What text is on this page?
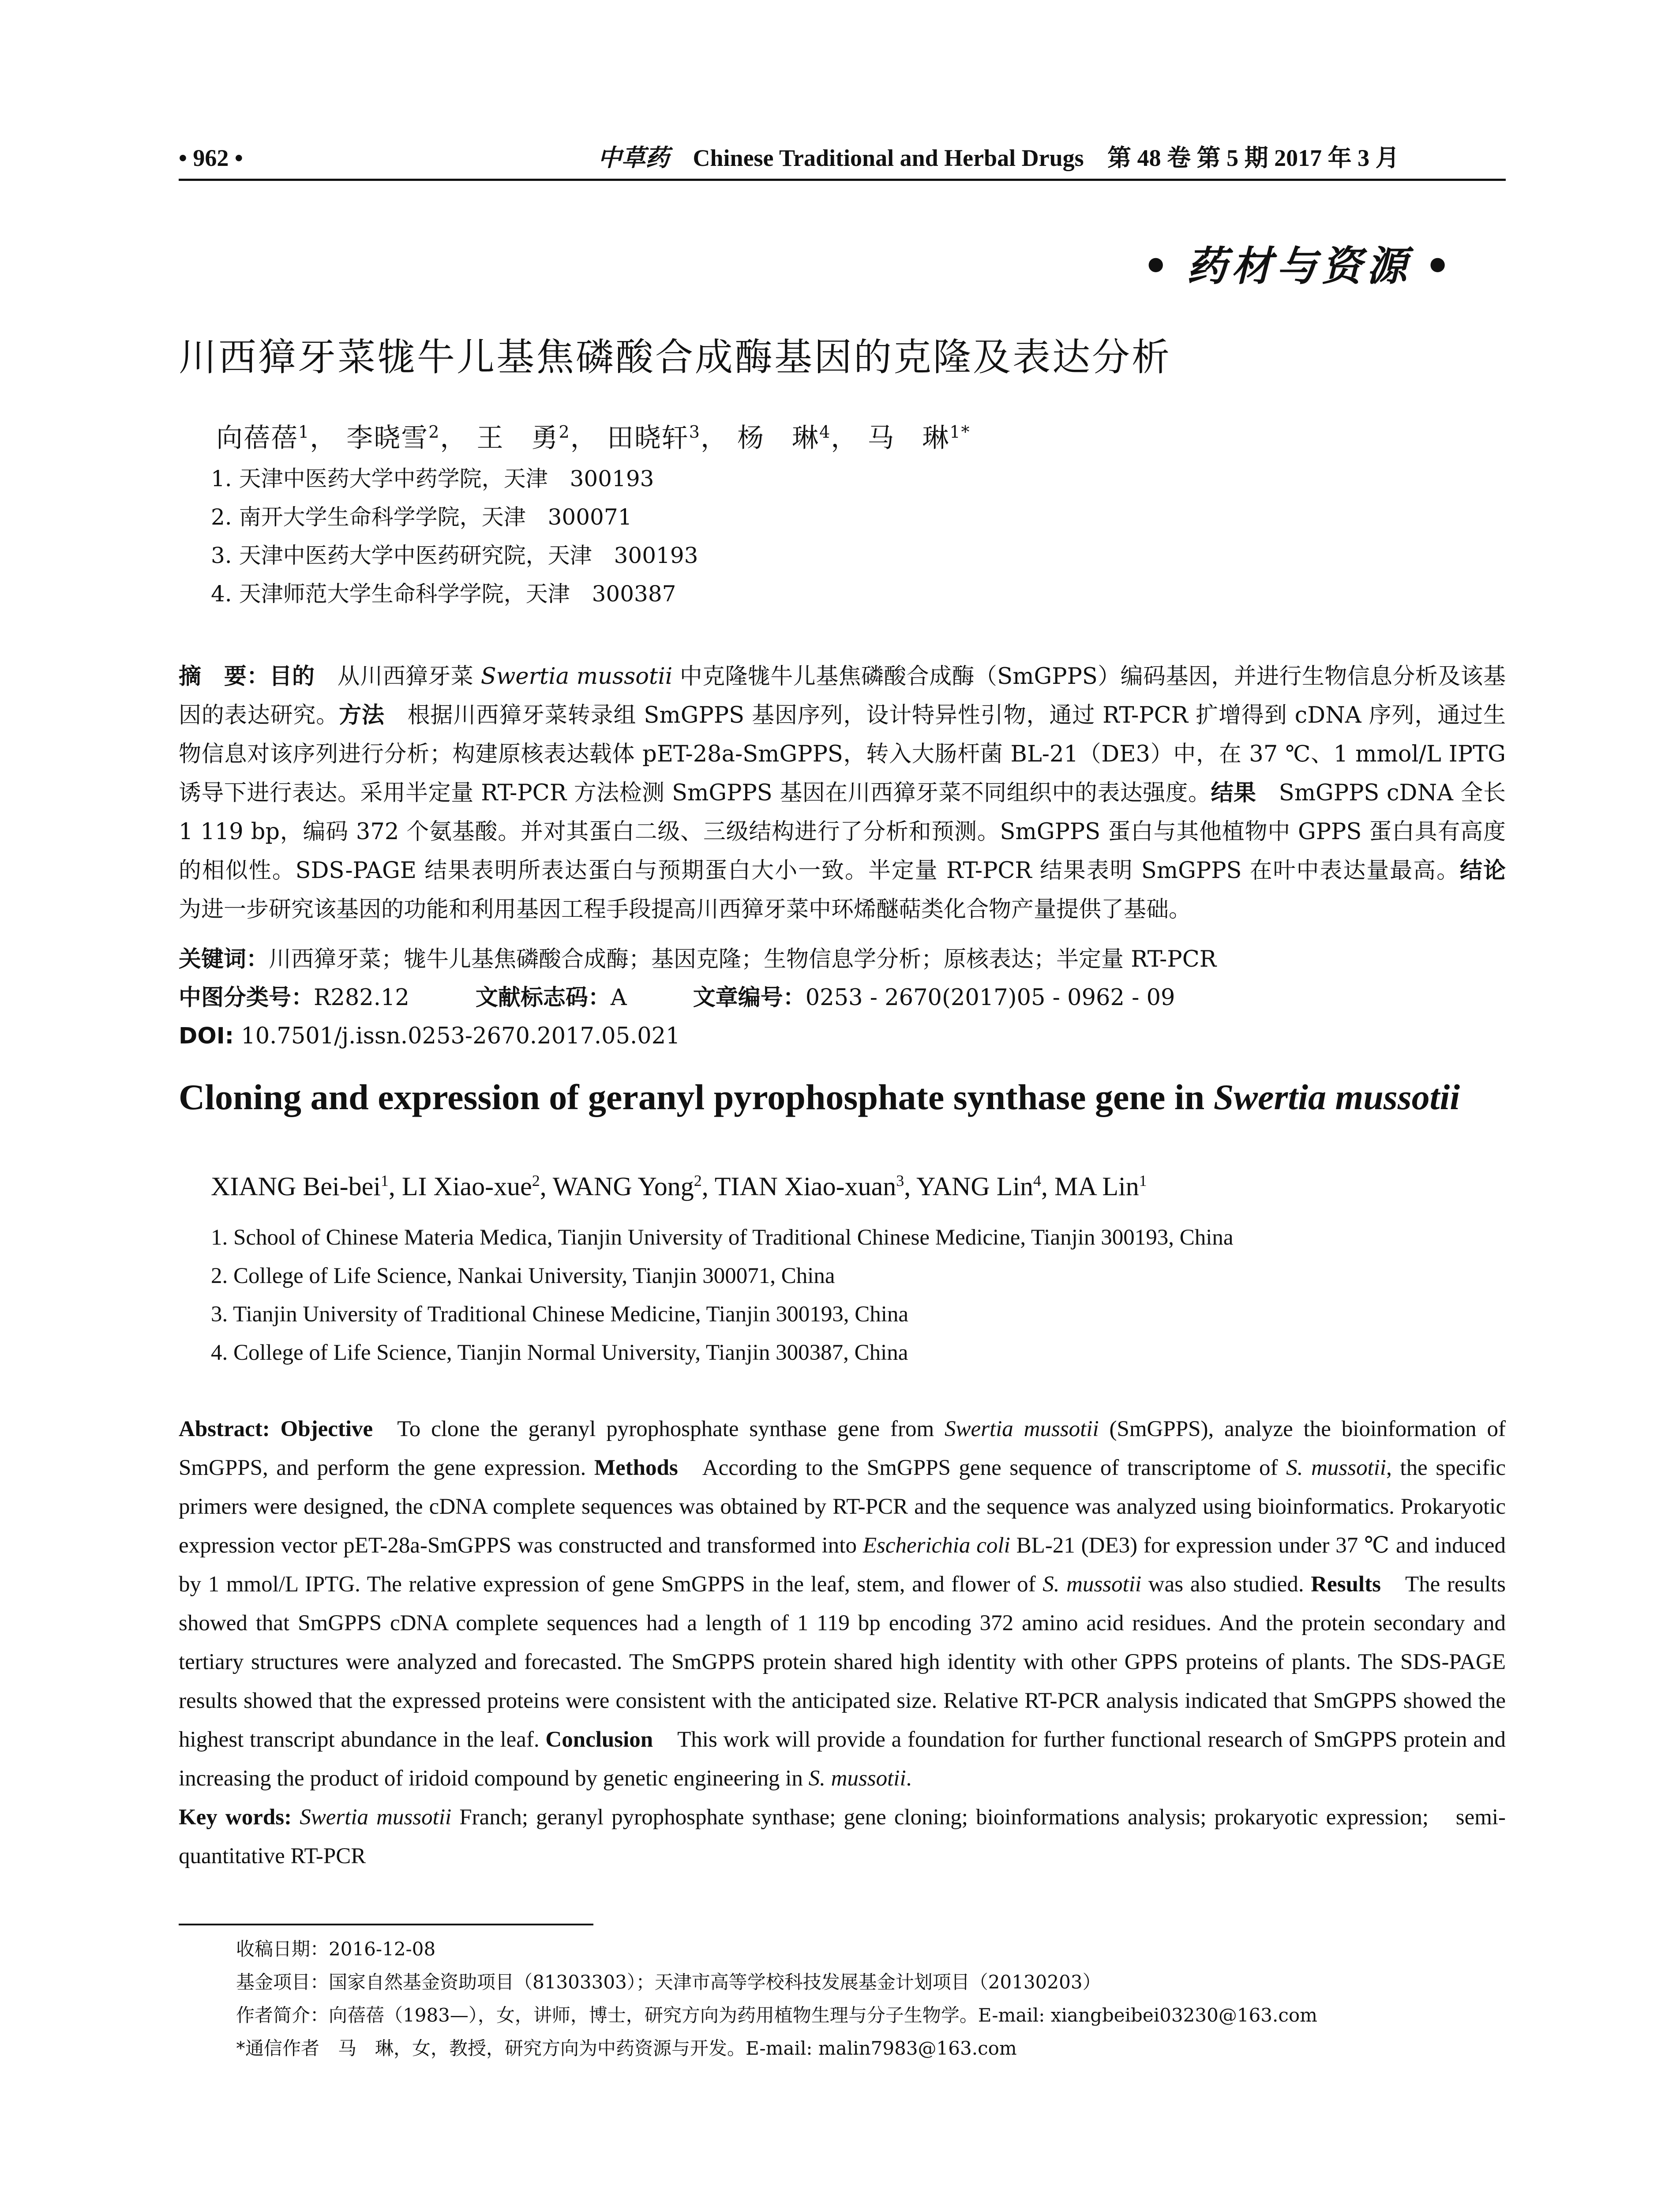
• 962 •	中草药 Chinese Traditional and Herbal Drugs 第 48 卷 第 5 期 2017 年 3 月
• 药材与资源 •
川西獐牙菜牻牛儿基焦磷酸合成酶基因的克隆及表达分析
向蓓蓓$^1$， 李晓雪$^2$， 王　勇$^2$， 田晓轩$^3$， 杨　琳$^4$， 马　琳$^{1*}$
1. 天津中医药大学中药学院，天津　300193
2. 南开大学生命科学学院，天津　300071
3. 天津中医药大学中医药研究院，天津　300193
4. 天津师范大学生命科学学院，天津　300387
摘　要：目的　 从川西獐牙菜 Swertia mussotii 中克隆牻牛儿基焦磷酸合成酶（SmGPPS）编码基因，并进行生物信息分析及该基因的表达研究。方法　 根据川西獐牙菜转录组 SmGPPS 基因序列，设计特异性引物，通过 RT-PCR 扩增得到 cDNA 序列，通过生物信息对该序列进行分析；构建原核表达载体 pET-28a-SmGPPS，转入大肠杆菌 BL-21（DE3）中，在 37 ℃、1 mmol/L IPTG 诱导下进行表达。采用半定量 RT-PCR 方法检测 SmGPPS 基因在川西獐牙菜不同组织中的表达强度。结果　 SmGPPS cDNA 全长 1 119 bp，编码 372 个氨基酸。并对其蛋白二级、三级结构进行了分析和预测。SmGPPS 蛋白与其他植物中 GPPS 蛋白具有高度的相似性。SDS-PAGE 结果表明所表达蛋白与预期蛋白大小一致。半定量 RT-PCR 结果表明 SmGPPS 在叶中表达量最高。结论　为进一步研究该基因的功能和利用基因工程手段提高川西獐牙菜中环烯醚萜类化合物产量提供了基础。
关键词：川西獐牙菜；牻牛儿基焦磷酸合成酶；基因克隆；生物信息学分析；原核表达；半定量 RT-PCR
中图分类号：R282.12	文献标志码：A	文章编号：0253 - 2670(2017)05 - 0962 - 09
DOI: 10.7501/j.issn.0253-2670.2017.05.021
Cloning and expression of geranyl pyrophosphate synthase gene in Swertia mussotii
XIANG Bei-bei$^1$, LI Xiao-xue$^2$, WANG Yong$^2$, TIAN Xiao-xuan$^3$, YANG Lin$^4$, MA Lin$^1$
1. School of Chinese Materia Medica, Tianjin University of Traditional Chinese Medicine, Tianjin 300193, China
2. College of Life Science, Nankai University, Tianjin 300071, China
3. Tianjin University of Traditional Chinese Medicine, Tianjin 300193, China
4. College of Life Science, Tianjin Normal University, Tianjin 300387, China
Abstract: Objective To clone the geranyl pyrophosphate synthase gene from Swertia mussotii (SmGPPS), analyze the bioinformation of SmGPPS, and perform the gene expression. Methods According to the SmGPPS gene sequence of transcriptome of S. mussotii, the specific primers were designed, the cDNA complete sequences was obtained by RT-PCR and the sequence was analyzed using bioinformatics. Prokaryotic expression vector pET-28a-SmGPPS was constructed and transformed into Escherichia coli BL-21 (DE3) for expression under 37 ℃ and induced by 1 mmol/L IPTG. The relative expression of gene SmGPPS in the leaf, stem, and flower of S. mussotii was also studied. Results The results showed that SmGPPS cDNA complete sequences had a length of 1 119 bp encoding 372 amino acid residues. And the protein secondary and tertiary structures were analyzed and forecasted. The SmGPPS protein shared high identity with other GPPS proteins of plants. The SDS-PAGE results showed that the expressed proteins were consistent with the anticipated size. Relative RT-PCR analysis indicated that SmGPPS showed the highest transcript abundance in the leaf. Conclusion This work will provide a foundation for further functional research of SmGPPS protein and increasing the product of iridoid compound by genetic engineering in S. mussotii.
Key words: Swertia mussotii Franch; geranyl pyrophosphate synthase; gene cloning; bioinformations analysis; prokaryotic expression;　semi-quantitative RT-PCR
收稿日期：2016-12-08
基金项目：国家自然基金资助项目（81303303）；天津市高等学校科技发展基金计划项目（20130203）
作者简介：向蓓蓓（1983—），女，讲师，博士，研究方向为药用植物生理与分子生物学。E-mail: xiangbeibei03230@163.com
*通信作者　马　琳，女，教授，研究方向为中药资源与开发。E-mail: malin7983@163.com
